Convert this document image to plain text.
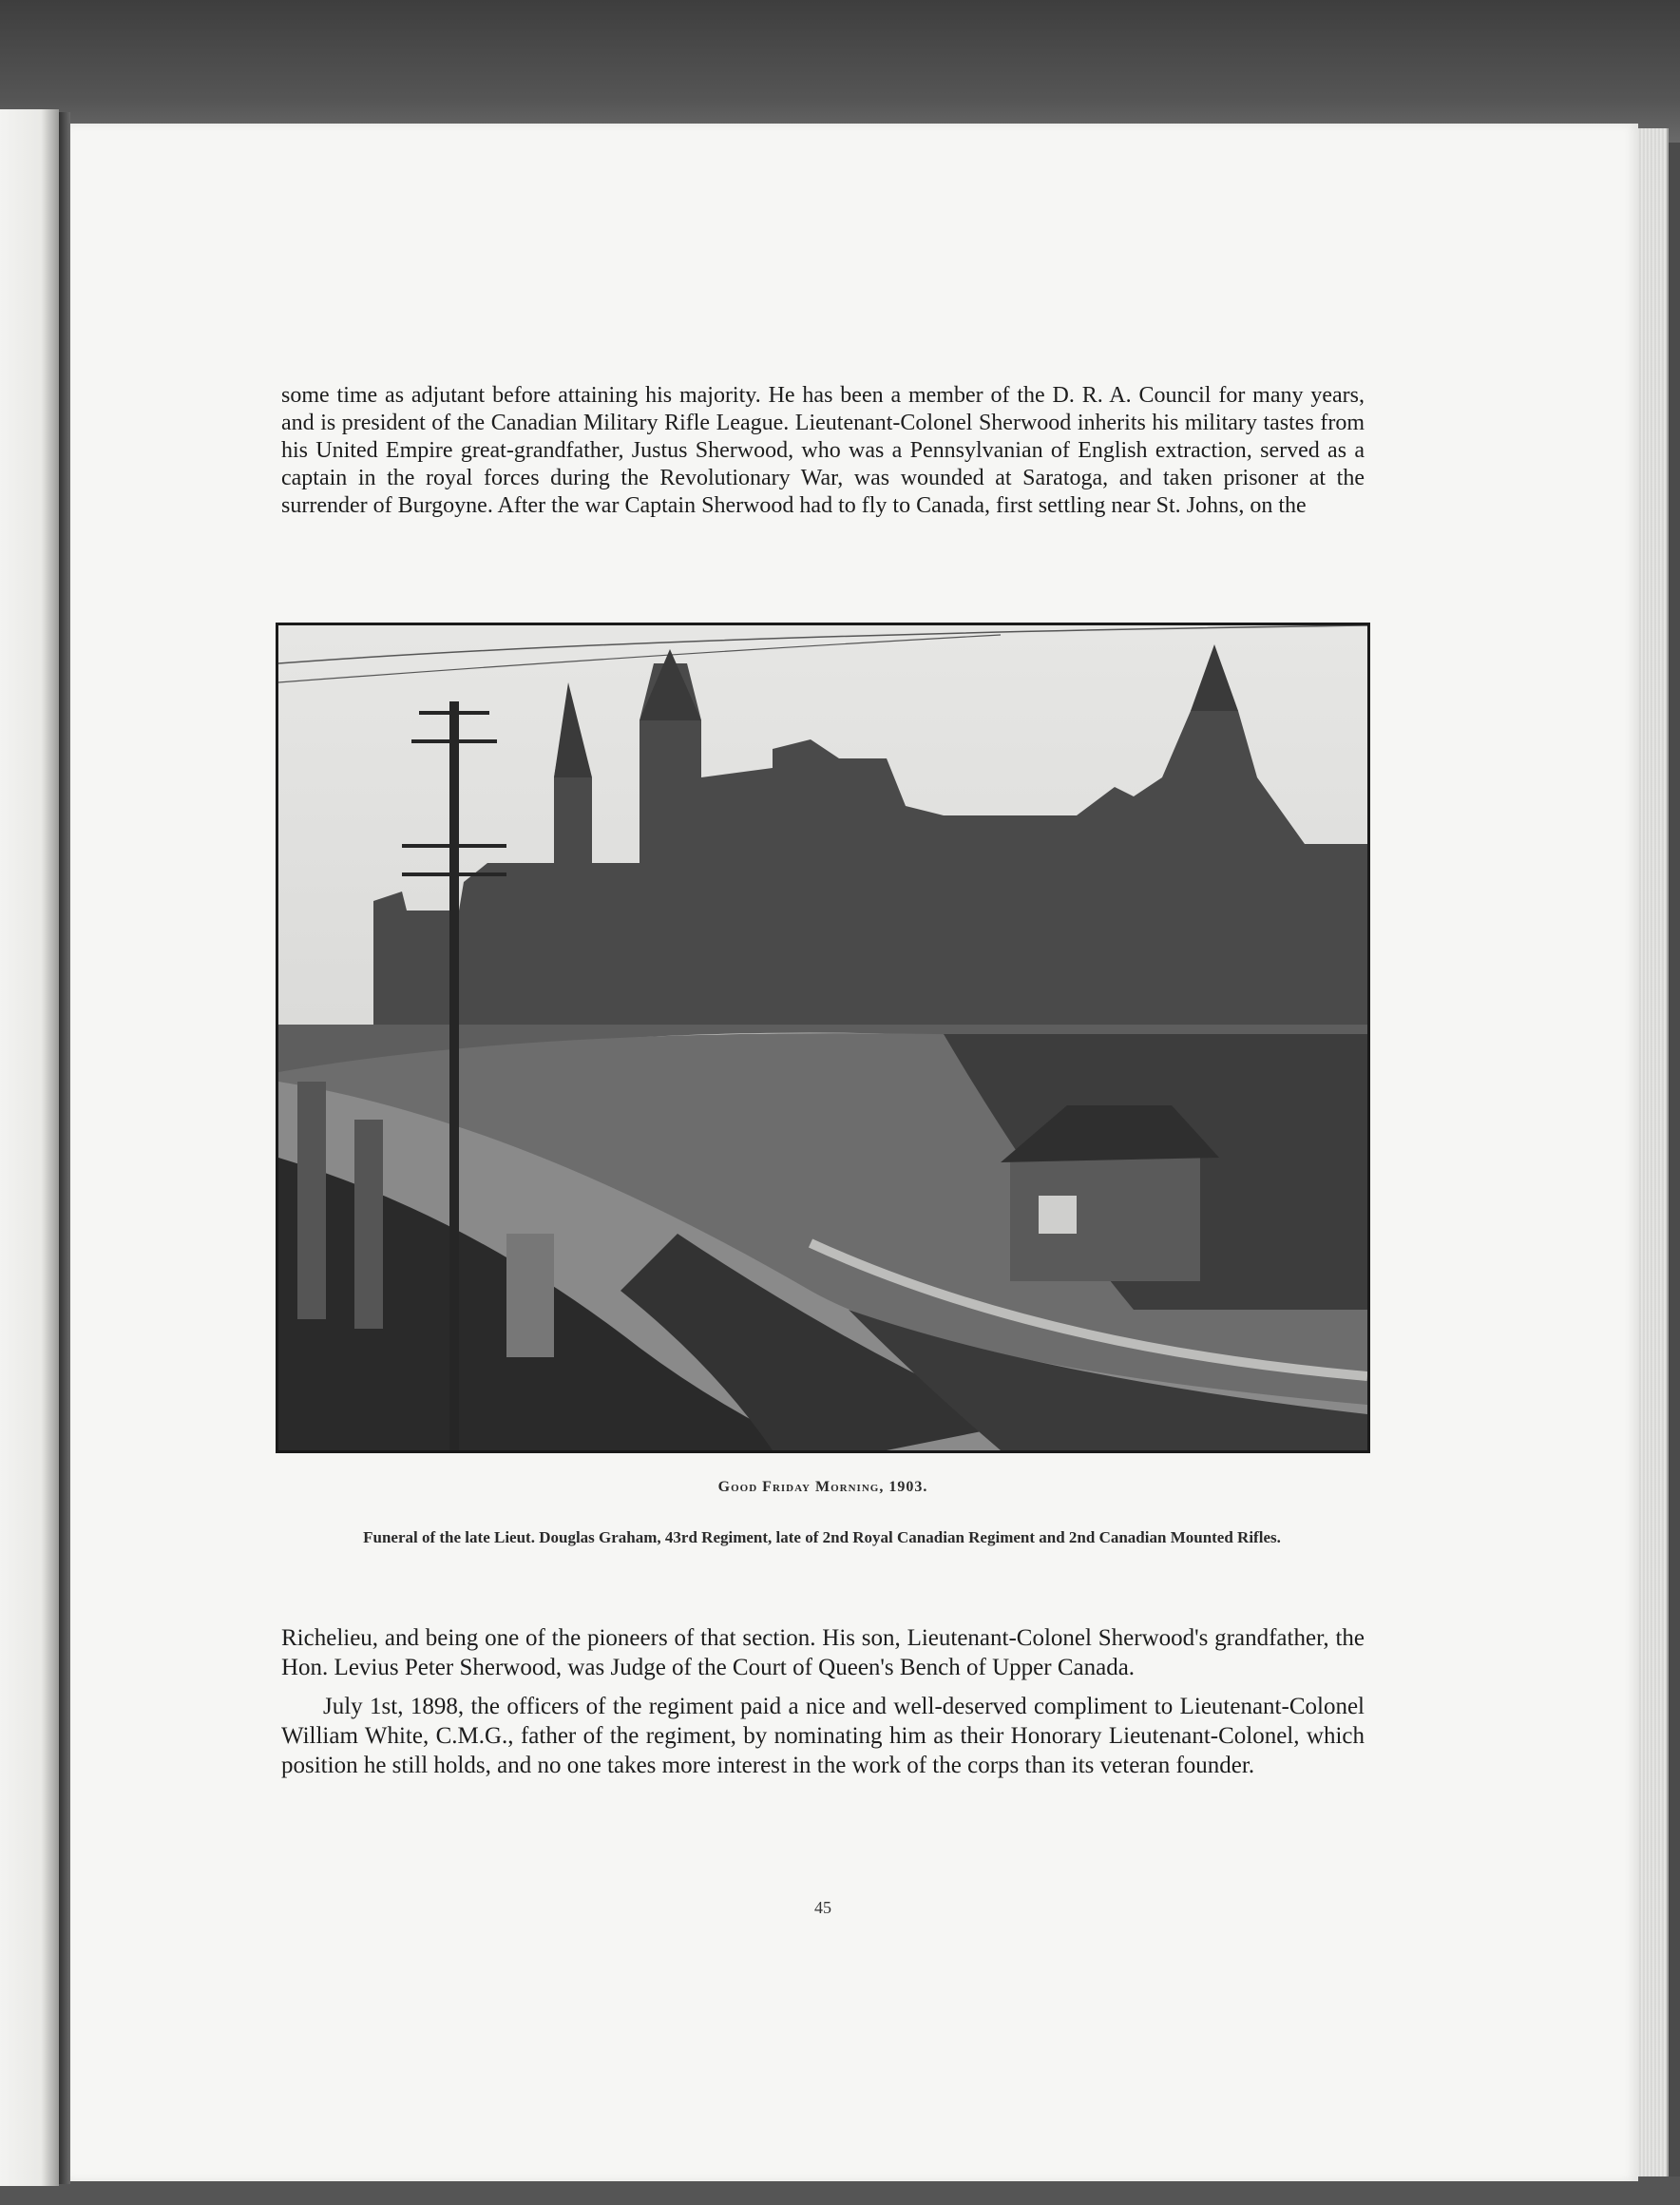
some time as adjutant before attaining his majority. He has been a member of the D. R. A. Council for many years, and is president of the Canadian Military Rifle League. Lieutenant-Colonel Sherwood inherits his military tastes from his United Empire great-grandfather, Justus Sherwood, who was a Pennsylvanian of English extraction, served as a captain in the royal forces during the Revolutionary War, was wounded at Saratoga, and taken prisoner at the surrender of Burgoyne. After the war Captain Sherwood had to fly to Canada, first settling near St. Johns, on the

Good Friday Morning, 1903.
Funeral of the late Lieut. Douglas Graham, 43rd Regiment, late of 2nd Royal Canadian Regiment and 2nd Canadian Mounted Rifles.

Richelieu, and being one of the pioneers of that section. His son, Lieutenant-Colonel Sherwood's grandfather, the Hon. Levius Peter Sherwood, was Judge of the Court of Queen's Bench of Upper Canada.

July 1st, 1898, the officers of the regiment paid a nice and well-deserved compliment to Lieutenant-Colonel William White, C.M.G., father of the regiment, by nominating him as their Honorary Lieutenant-Colonel, which position he still holds, and no one takes more interest in the work of the corps than its veteran founder.

45
